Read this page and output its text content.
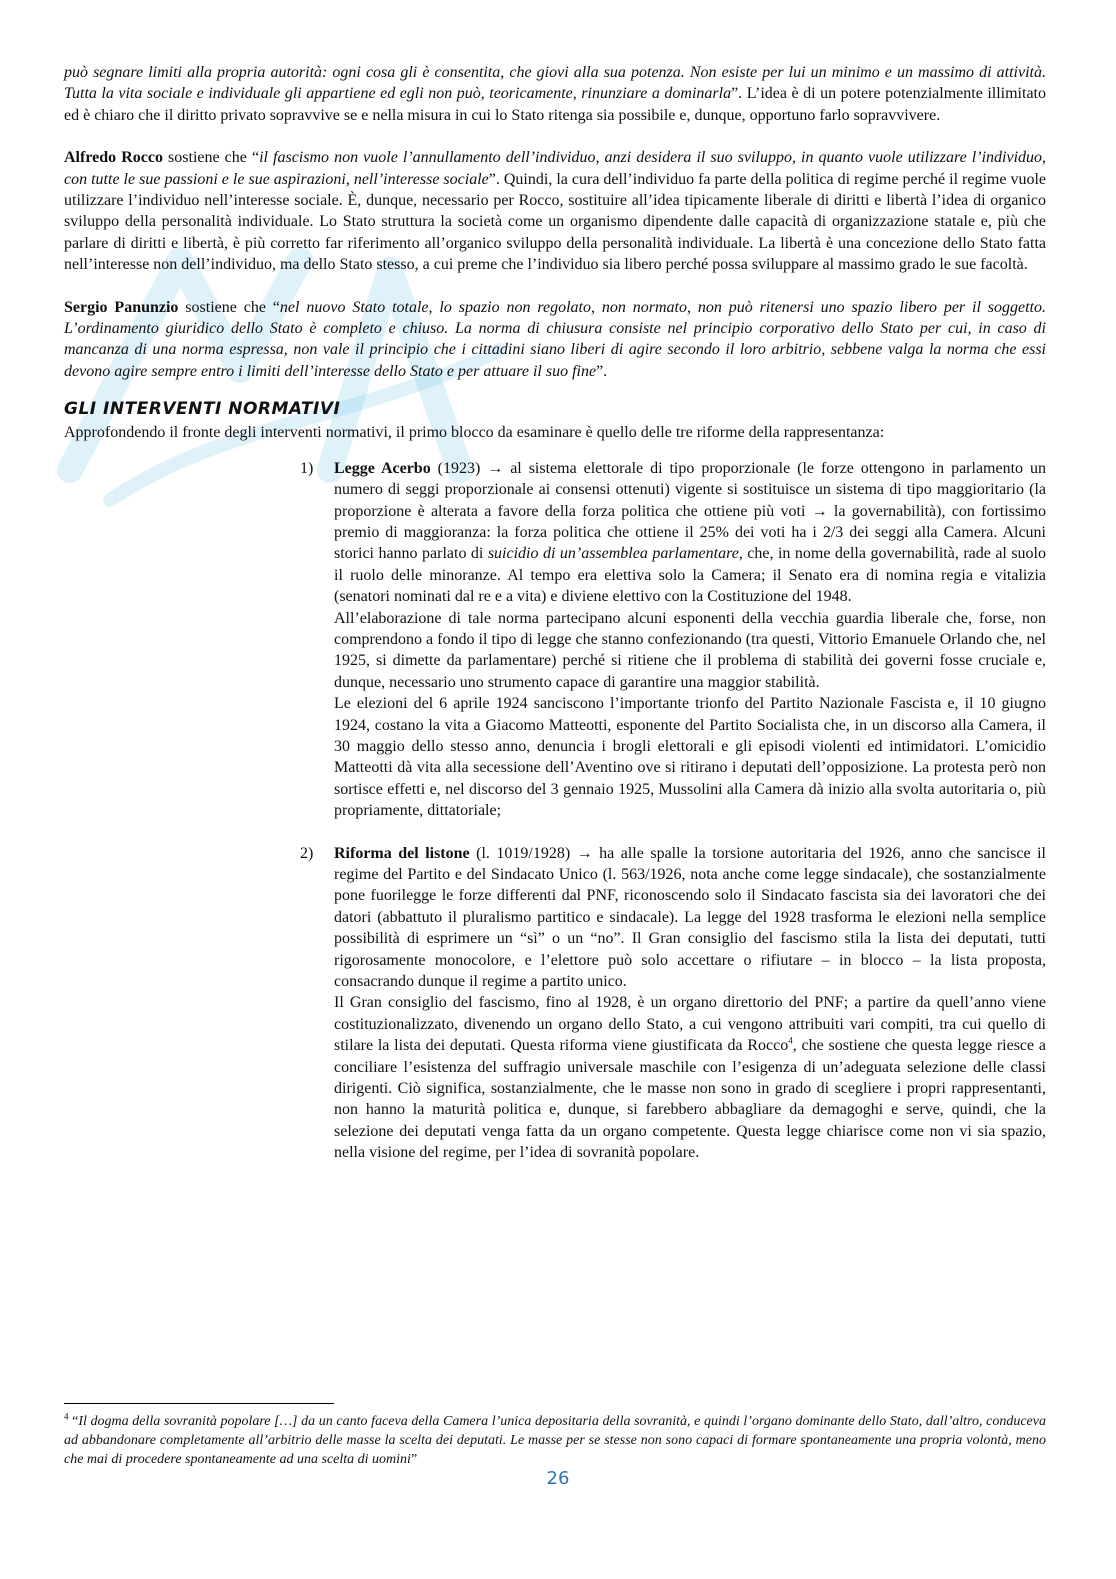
può segnare limiti alla propria autorità: ogni cosa gli è consentita, che giovi alla sua potenza. Non esiste per lui un minimo e un massimo di attività. Tutta la vita sociale e individuale gli appartiene ed egli non può, teoricamente, rinunziare a dominarla”. L’idea è di un potere potenzialmente illimitato ed è chiaro che il diritto privato sopravvive se e nella misura in cui lo Stato ritenga sia possibile e, dunque, opportuno farlo sopravvivere.

Alfredo Rocco sostiene che “il fascismo non vuole l’annullamento dell’individuo, anzi desidera il suo sviluppo, in quanto vuole utilizzare l’individuo, con tutte le sue passioni e le sue aspirazioni, nell’interesse sociale”. Quindi, la cura dell’individuo fa parte della politica di regime perché il regime vuole utilizzare l’individuo nell’interesse sociale. È, dunque, necessario per Rocco, sostituire all’idea tipicamente liberale di diritti e libertà l’idea di organico sviluppo della personalità individuale. Lo Stato struttura la società come un organismo dipendente dalle capacità di organizzazione statale e, più che parlare di diritti e libertà, è più corretto far riferimento all’organico sviluppo della personalità individuale. La libertà è una concezione dello Stato fatta nell’interesse non dell’individuo, ma dello Stato stesso, a cui preme che l’individuo sia libero perché possa sviluppare al massimo grado le sue facoltà.

Sergio Panunzio sostiene che “nel nuovo Stato totale, lo spazio non regolato, non normato, non può ritenersi uno spazio libero per il soggetto. L’ordinamento giuridico dello Stato è completo e chiuso. La norma di chiusura consiste nel principio corporativo dello Stato per cui, in caso di mancanza di una norma espressa, non vale il principio che i cittadini siano liberi di agire secondo il loro arbitrio, sebbene valga la norma che essi devono agire sempre entro i limiti dell’interesse dello Stato e per attuare il suo fine”.

GLI INTERVENTI NORMATIVI

Approfondendo il fronte degli interventi normativi, il primo blocco da esaminare è quello delle tre riforme della rappresentanza:

1) Legge Acerbo (1923) → al sistema elettorale di tipo proporzionale (le forze ottengono in parlamento un numero di seggi proporzionale ai consensi ottenuti) vigente si sostituisce un sistema di tipo maggioritario (la proporzione è alterata a favore della forza politica che ottiene più voti → la governabilità), con fortissimo premio di maggioranza: la forza politica che ottiene il 25% dei voti ha i 2/3 dei seggi alla Camera. Alcuni storici hanno parlato di suicidio di un’assemblea parlamentare, che, in nome della governabilità, rade al suolo il ruolo delle minoranze. Al tempo era elettiva solo la Camera; il Senato era di nomina regia e vitalizia (senatori nominati dal re e a vita) e diviene elettivo con la Costituzione del 1948.

All’elaborazione di tale norma partecipano alcuni esponenti della vecchia guardia liberale che, forse, non comprendono a fondo il tipo di legge che stanno confezionando (tra questi, Vittorio Emanuele Orlando che, nel 1925, si dimette da parlamentare) perché si ritiene che il problema di stabilità dei governi fosse cruciale e, dunque, necessario uno strumento capace di garantire una maggior stabilità.

Le elezioni del 6 aprile 1924 sanciscono l’importante trionfo del Partito Nazionale Fascista e, il 10 giugno 1924, costano la vita a Giacomo Matteotti, esponente del Partito Socialista che, in un discorso alla Camera, il 30 maggio dello stesso anno, denuncia i brogli elettorali e gli episodi violenti ed intimidatori. L’omicidio Matteotti dà vita alla secessione dell’Aventino ove si ritirano i deputati dell’opposizione. La protesta però non sortisce effetti e, nel discorso del 3 gennaio 1925, Mussolini alla Camera dà inizio alla svolta autoritaria o, più propriamente, dittatoriale;

2) Riforma del listone (l. 1019/1928) → ha alle spalle la torsione autoritaria del 1926, anno che sancisce il regime del Partito e del Sindacato Unico (l. 563/1926, nota anche come legge sindacale), che sostanzialmente pone fuorilegge le forze differenti dal PNF, riconoscendo solo il Sindacato fascista sia dei lavoratori che dei datori (abbattuto il pluralismo partitico e sindacale). La legge del 1928 trasforma le elezioni nella semplice possibilità di esprimere un “sì” o un “no”. Il Gran consiglio del fascismo stila la lista dei deputati, tutti rigorosamente monocolore, e l’elettore può solo accettare o rifiutare – in blocco – la lista proposta, consacrando dunque il regime a partito unico.

Il Gran consiglio del fascismo, fino al 1928, è un organo direttorio del PNF; a partire da quell’anno viene costituzionalizzato, divenendo un organo dello Stato, a cui vengono attribuiti vari compiti, tra cui quello di stilare la lista dei deputati. Questa riforma viene giustificata da Rocco$^4$, che sostiene che questa legge riesce a conciliare l’esistenza del suffragio universale maschile con l’esigenza di un’adeguata selezione delle classi dirigenti. Ciò significa, sostanzialmente, che le masse non sono in grado di scegliere i propri rappresentanti, non hanno la maturità politica e, dunque, si farebbero abbagliare da demagoghi e serve, quindi, che la selezione dei deputati venga fatta da un organo competente. Questa legge chiarisce come non vi sia spazio, nella visione del regime, per l’idea di sovranità popolare.

$^4$ “Il dogma della sovranità popolare […] da un canto faceva della Camera l’unica depositaria della sovranità, e quindi l’organo dominante dello Stato, dall’altro, conduceva ad abbandonare completamente all’arbitrio delle masse la scelta dei deputati. Le masse per se stesse non sono capaci di formare spontaneamente una propria volontà, meno che mai di procedere spontaneamente ad una scelta di uomini”
26
